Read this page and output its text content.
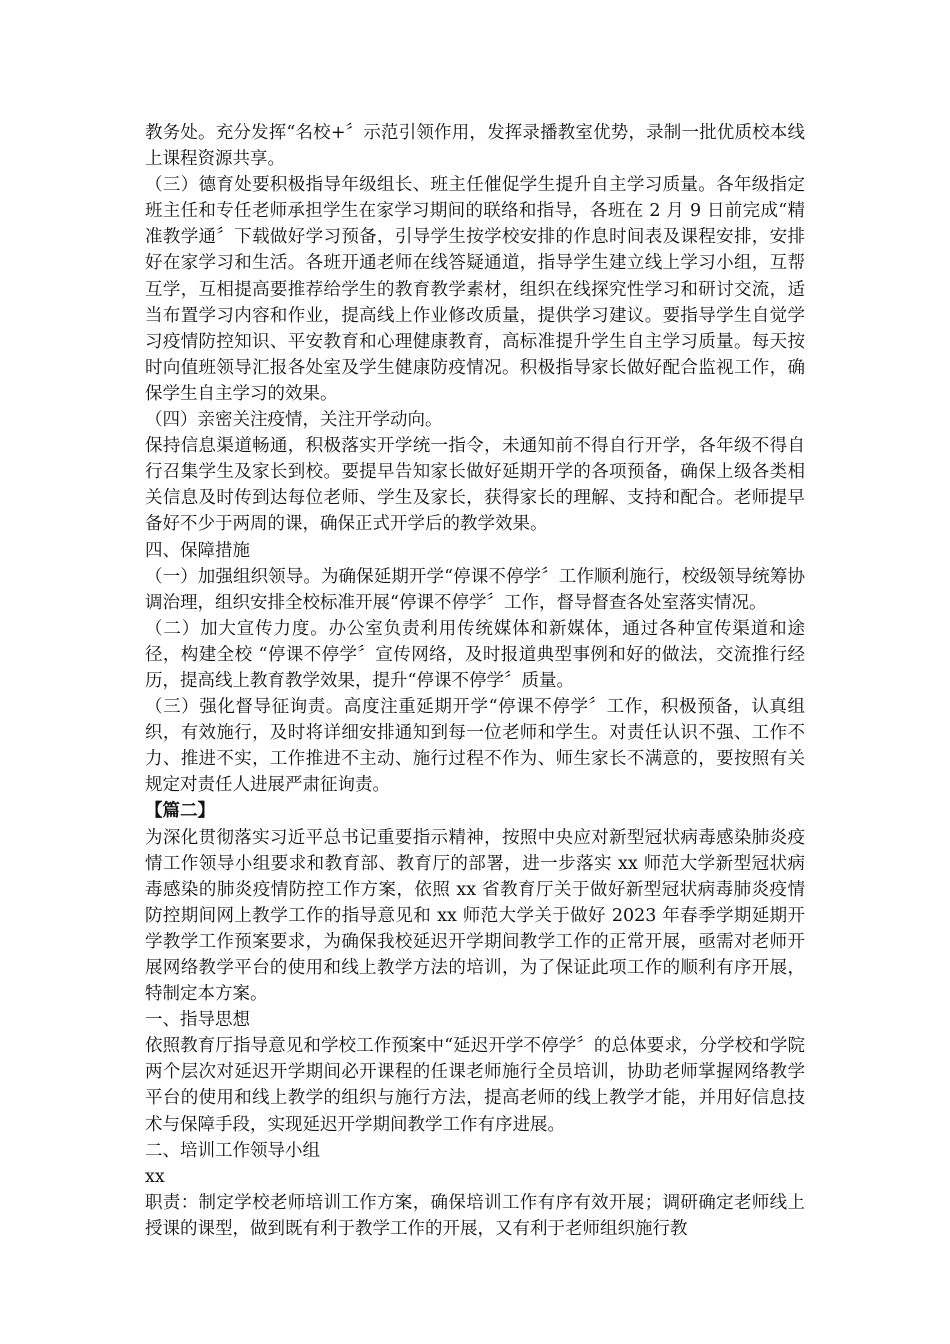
教务处。充分发挥“名校+〞示范引领作用，发挥录播教室优势，录制一批优质校本线上课程资源共享。

（三）德育处要积极指导年级组长、班主任催促学生提升自主学习质量。各年级指定班主任和专任老师承担学生在家学习期间的联络和指导，各班在 2 月 9 日前完成“精准教学通〞下载做好学习预备，引导学生按学校安排的作息时间表及课程安排，安排好在家学习和生活。各班开通老师在线答疑通道，指导学生建立线上学习小组，互帮互学，互相提高要推荐给学生的教育教学素材，组织在线探究性学习和研讨交流，适当布置学习内容和作业，提高线上作业修改质量，提供学习建议。要指导学生自觉学习疫情防控知识、平安教育和心理健康教育，高标准提升学生自主学习质量。每天按时向值班领导汇报各处室及学生健康防疫情况。积极指导家长做好配合监视工作，确保学生自主学习的效果。

（四）亲密关注疫情，关注开学动向。

保持信息渠道畅通，积极落实开学统一指令，未通知前不得自行开学，各年级不得自行召集学生及家长到校。要提早告知家长做好延期开学的各项预备，确保上级各类相关信息及时传到达每位老师、学生及家长，获得家长的理解、支持和配合。老师提早备好不少于两周的课，确保正式开学后的教学效果。

四、保障措施

（一）加强组织领导。为确保延期开学“停课不停学〞工作顺利施行，校级领导统筹协调治理，组织安排全校标准开展“停课不停学〞工作，督导督查各处室落实情况。

（二）加大宣传力度。办公室负责利用传统媒体和新媒体，通过各种宣传渠道和途径，构建全校 “停课不停学〞宣传网络，及时报道典型事例和好的做法，交流推行经历，提高线上教育教学效果，提升“停课不停学〞质量。

（三）强化督导征询责。高度注重延期开学“停课不停学〞工作，积极预备，认真组织，有效施行，及时将详细安排通知到每一位老师和学生。对责任认识不强、工作不力、推进不实，工作推进不主动、施行过程不作为、师生家长不满意的，要按照有关规定对责任人进展严肃征询责。

【篇二】

为深化贯彻落实习近平总书记重要指示精神，按照中央应对新型冠状病毒感染肺炎疫情工作领导小组要求和教育部、教育厅的部署，进一步落实 xx 师范大学新型冠状病毒感染的肺炎疫情防控工作方案，依照 xx 省教育厅关于做好新型冠状病毒肺炎疫情防控期间网上教学工作的指导意见和 xx 师范大学关于做好 2023 年春季学期延期开学教学工作预案要求，为确保我校延迟开学期间教学工作的正常开展，亟需对老师开展网络教学平台的使用和线上教学方法的培训，为了保证此项工作的顺利有序开展，特制定本方案。

一、指导思想

依照教育厅指导意见和学校工作预案中“延迟开学不停学〞的总体要求，分学校和学院两个层次对延迟开学期间必开课程的任课老师施行全员培训，协助老师掌握网络教学平台的使用和线上教学的组织与施行方法，提高老师的线上教学才能，并用好信息技术与保障手段，实现延迟开学期间教学工作有序进展。

二、培训工作领导小组

xx

职责：制定学校老师培训工作方案，确保培训工作有序有效开展；调研确定老师线上授课的课型，做到既有利于教学工作的开展，又有利于老师组织施行教
